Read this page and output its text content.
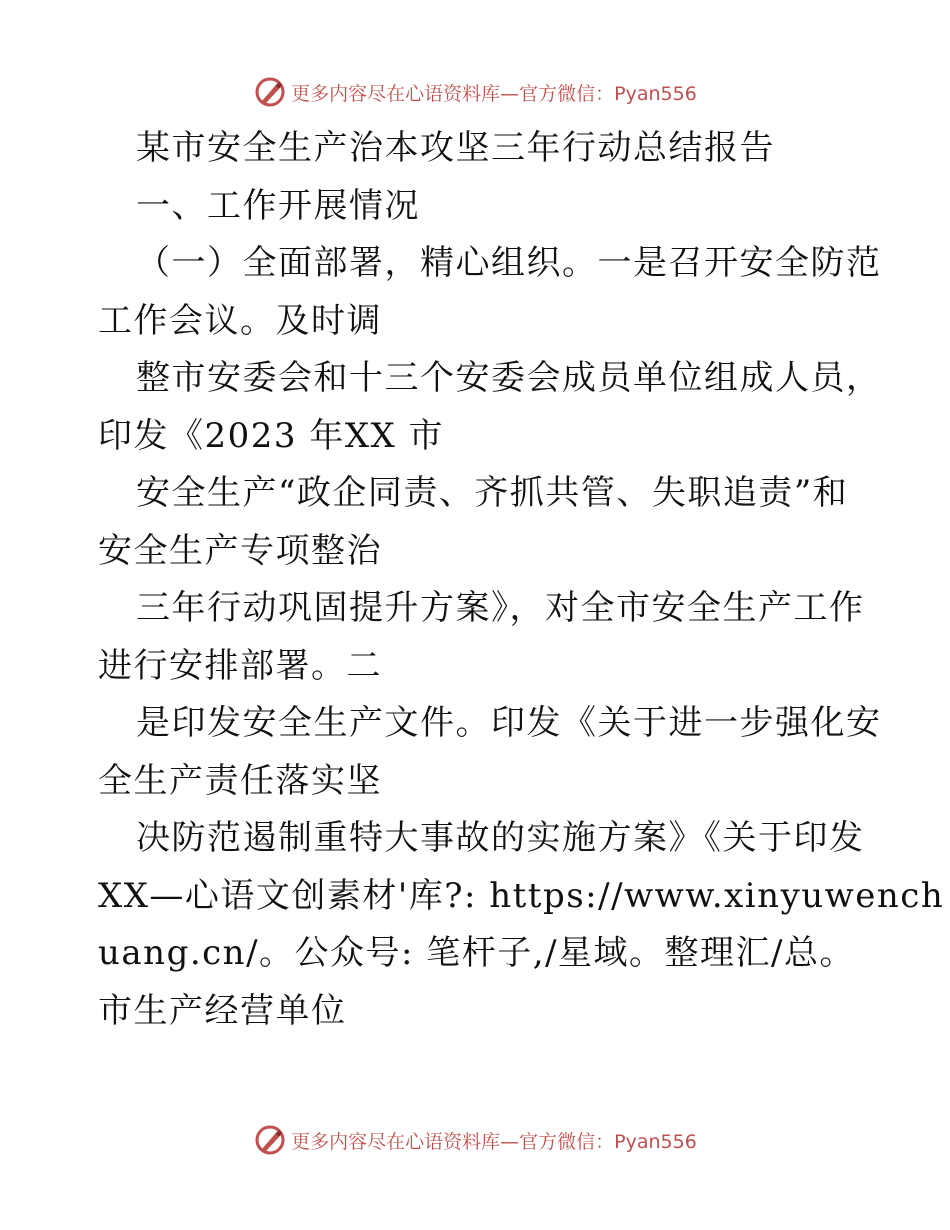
更多内容尽在心语资料库—官方微信：Pyan556
某市安全生产治本攻坚三年行动总结报告
一、工作开展情况
（一）全面部署，精心组织。一是召开安全防范
工作会议。及时调
整市安委会和十三个安委会成员单位组成人员，
印发《2023 年XX 市
安全生产“政企同责、齐抓共管、失职追责”和
安全生产专项整治
三年行动巩固提升方案》，对全市安全生产工作
进行安排部署。二
是印发安全生产文件。印发《关于进一步强化安
全生产责任落实坚
决防范遏制重特大事故的实施方案》《关于印发
XX—心语文创素材'库?: https://www.xinyuwench
uang.cn/。公众号: 笔杆子,/星域。整理汇/总。
市生产经营单位
更多内容尽在心语资料库—官方微信：Pyan556
